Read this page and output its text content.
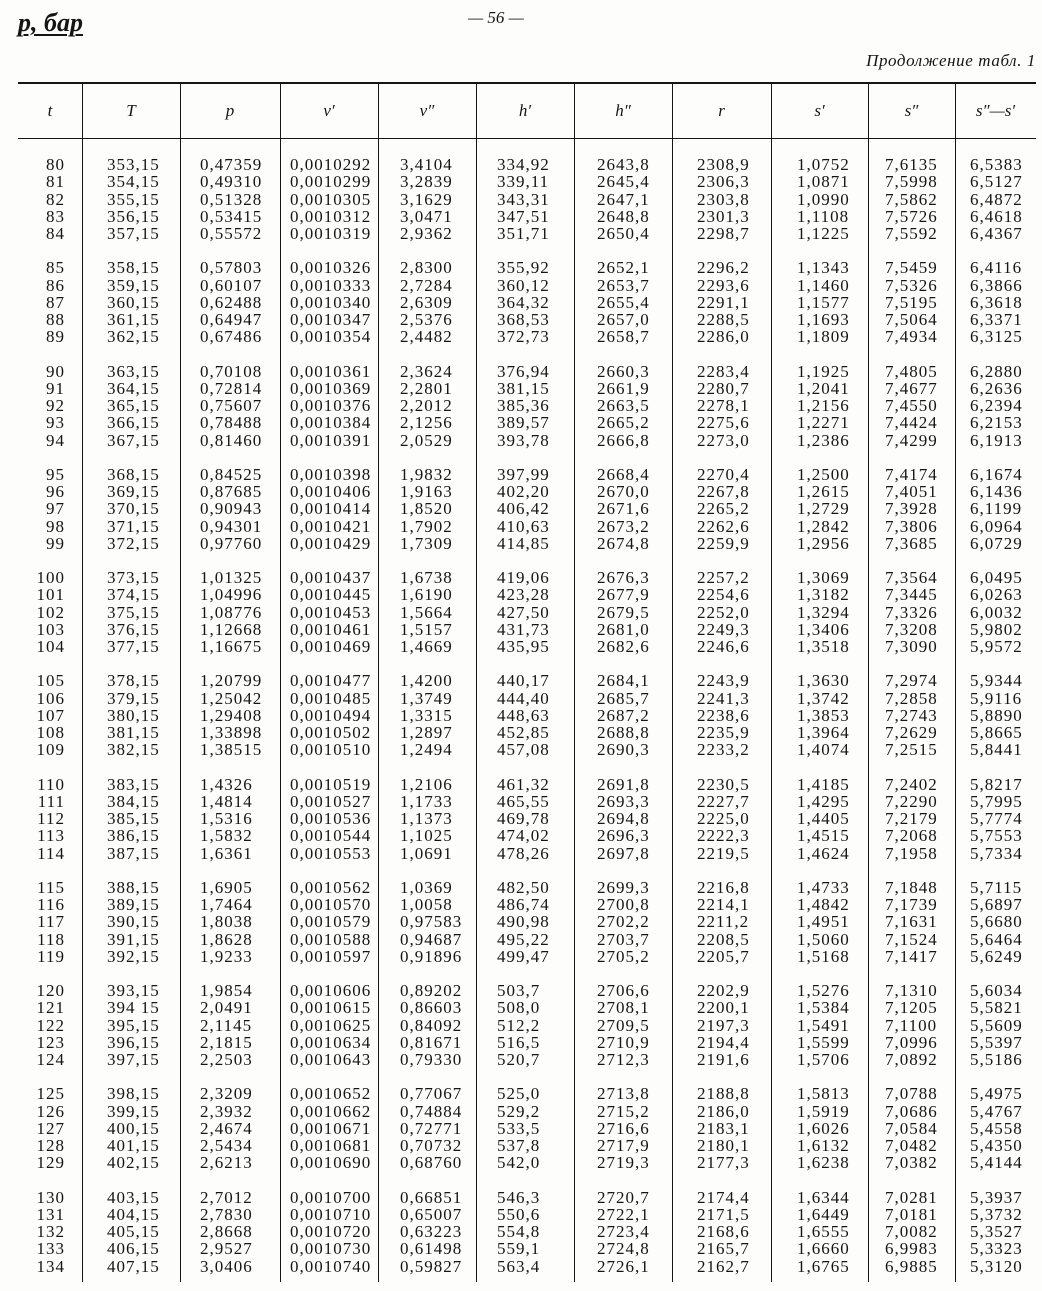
р, бар	— 56 —
Продолжение табл. 1
t	T	p	v′	v″	h′	h″	r	s′	s″	s″—s′
80	353,15	0,47359	0,0010292	3,4104	334,92	2643,8	2308,9	1,0752	7,6135	6,5383
81	354,15	0,49310	0,0010299	3,2839	339,11	2645,4	2306,3	1,0871	7,5998	6,5127
82	355,15	0,51328	0,0010305	3,1629	343,31	2647,1	2303,8	1,0990	7,5862	6,4872
83	356,15	0,53415	0,0010312	3,0471	347,51	2648,8	2301,3	1,1108	7,5726	6,4618
84	357,15	0,55572	0,0010319	2,9362	351,71	2650,4	2298,7	1,1225	7,5592	6,4367
85	358,15	0,57803	0,0010326	2,8300	355,92	2652,1	2296,2	1,1343	7,5459	6,4116
86	359,15	0,60107	0,0010333	2,7284	360,12	2653,7	2293,6	1,1460	7,5326	6,3866
87	360,15	0,62488	0,0010340	2,6309	364,32	2655,4	2291,1	1,1577	7,5195	6,3618
88	361,15	0,64947	0,0010347	2,5376	368,53	2657,0	2288,5	1,1693	7,5064	6,3371
89	362,15	0,67486	0,0010354	2,4482	372,73	2658,7	2286,0	1,1809	7,4934	6,3125
90	363,15	0,70108	0,0010361	2,3624	376,94	2660,3	2283,4	1,1925	7,4805	6,2880
91	364,15	0,72814	0,0010369	2,2801	381,15	2661,9	2280,7	1,2041	7,4677	6,2636
92	365,15	0,75607	0,0010376	2,2012	385,36	2663,5	2278,1	1,2156	7,4550	6,2394
93	366,15	0,78488	0,0010384	2,1256	389,57	2665,2	2275,6	1,2271	7,4424	6,2153
94	367,15	0,81460	0,0010391	2,0529	393,78	2666,8	2273,0	1,2386	7,4299	6,1913
95	368,15	0,84525	0,0010398	1,9832	397,99	2668,4	2270,4	1,2500	7,4174	6,1674
96	369,15	0,87685	0,0010406	1,9163	402,20	2670,0	2267,8	1,2615	7,4051	6,1436
97	370,15	0,90943	0,0010414	1,8520	406,42	2671,6	2265,2	1,2729	7,3928	6,1199
98	371,15	0,94301	0,0010421	1,7902	410,63	2673,2	2262,6	1,2842	7,3806	6,0964
99	372,15	0,97760	0,0010429	1,7309	414,85	2674,8	2259,9	1,2956	7,3685	6,0729
100	373,15	1,01325	0,0010437	1,6738	419,06	2676,3	2257,2	1,3069	7,3564	6,0495
101	374,15	1,04996	0,0010445	1,6190	423,28	2677,9	2254,6	1,3182	7,3445	6,0263
102	375,15	1,08776	0,0010453	1,5664	427,50	2679,5	2252,0	1,3294	7,3326	6,0032
103	376,15	1,12668	0,0010461	1,5157	431,73	2681,0	2249,3	1,3406	7,3208	5,9802
104	377,15	1,16675	0,0010469	1,4669	435,95	2682,6	2246,6	1,3518	7,3090	5,9572
105	378,15	1,20799	0,0010477	1,4200	440,17	2684,1	2243,9	1,3630	7,2974	5,9344
106	379,15	1,25042	0,0010485	1,3749	444,40	2685,7	2241,3	1,3742	7,2858	5,9116
107	380,15	1,29408	0,0010494	1,3315	448,63	2687,2	2238,6	1,3853	7,2743	5,8890
108	381,15	1,33898	0,0010502	1,2897	452,85	2688,8	2235,9	1,3964	7,2629	5,8665
109	382,15	1,38515	0,0010510	1,2494	457,08	2690,3	2233,2	1,4074	7,2515	5,8441
110	383,15	1,4326	0,0010519	1,2106	461,32	2691,8	2230,5	1,4185	7,2402	5,8217
111	384,15	1,4814	0,0010527	1,1733	465,55	2693,3	2227,7	1,4295	7,2290	5,7995
112	385,15	1,5316	0,0010536	1,1373	469,78	2694,8	2225,0	1,4405	7,2179	5,7774
113	386,15	1,5832	0,0010544	1,1025	474,02	2696,3	2222,3	1,4515	7,2068	5,7553
114	387,15	1,6361	0,0010553	1,0691	478,26	2697,8	2219,5	1,4624	7,1958	5,7334
115	388,15	1,6905	0,0010562	1,0369	482,50	2699,3	2216,8	1,4733	7,1848	5,7115
116	389,15	1,7464	0,0010570	1,0058	486,74	2700,8	2214,1	1,4842	7,1739	5,6897
117	390,15	1,8038	0,0010579	0,97583	490,98	2702,2	2211,2	1,4951	7,1631	5,6680
118	391,15	1,8628	0,0010588	0,94687	495,22	2703,7	2208,5	1,5060	7,1524	5,6464
119	392,15	1,9233	0,0010597	0,91896	499,47	2705,2	2205,7	1,5168	7,1417	5,6249
120	393,15	1,9854	0,0010606	0,89202	503,7	2706,6	2202,9	1,5276	7,1310	5,6034
121	394 15	2,0491	0,0010615	0,86603	508,0	2708,1	2200,1	1,5384	7,1205	5,5821
122	395,15	2,1145	0,0010625	0,84092	512,2	2709,5	2197,3	1,5491	7,1100	5,5609
123	396,15	2,1815	0,0010634	0,81671	516,5	2710,9	2194,4	1,5599	7,0996	5,5397
124	397,15	2,2503	0,0010643	0,79330	520,7	2712,3	2191,6	1,5706	7,0892	5,5186
125	398,15	2,3209	0,0010652	0,77067	525,0	2713,8	2188,8	1,5813	7,0788	5,4975
126	399,15	2,3932	0,0010662	0,74884	529,2	2715,2	2186,0	1,5919	7,0686	5,4767
127	400,15	2,4674	0,0010671	0,72771	533,5	2716,6	2183,1	1,6026	7,0584	5,4558
128	401,15	2,5434	0,0010681	0,70732	537,8	2717,9	2180,1	1,6132	7,0482	5,4350
129	402,15	2,6213	0,0010690	0,68760	542,0	2719,3	2177,3	1,6238	7,0382	5,4144
130	403,15	2,7012	0,0010700	0,66851	546,3	2720,7	2174,4	1,6344	7,0281	5,3937
131	404,15	2,7830	0,0010710	0,65007	550,6	2722,1	2171,5	1,6449	7,0181	5,3732
132	405,15	2,8668	0,0010720	0,63223	554,8	2723,4	2168,6	1,6555	7,0082	5,3527
133	406,15	2,9527	0,0010730	0,61498	559,1	2724,8	2165,7	1,6660	6,9983	5,3323
134	407,15	3,0406	0,0010740	0,59827	563,4	2726,1	2162,7	1,6765	6,9885	5,3120
